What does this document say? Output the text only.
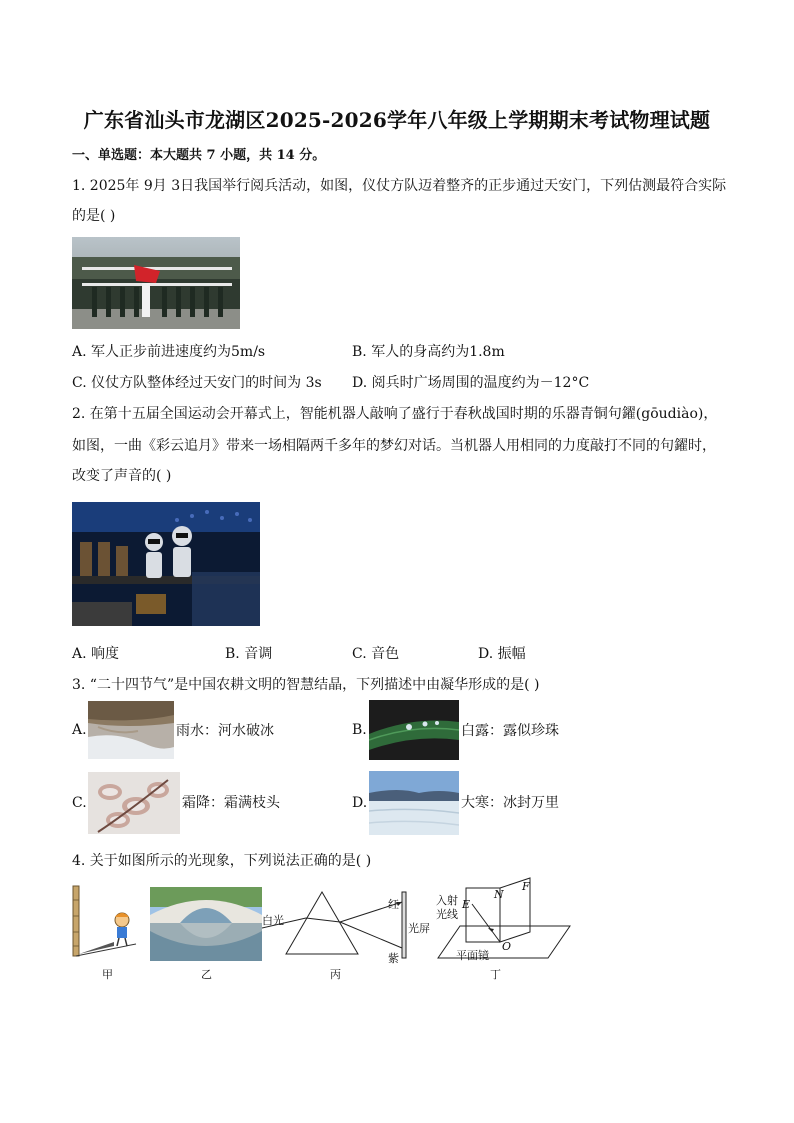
广东省汕头市龙湖区2025-2026学年八年级上学期期末考试物理试题
一、单选题：本大题共 7 小题，共 14 分。
1. 2025年 9月 3日我国举行阅兵活动，如图，仪仗方队迈着整齐的正步通过天安门，下列估测最符合实际
的是( )
A. 军人正步前进速度约为5m/s	B. 军人的身高约为1.8m
C. 仪仗方队整体经过天安门的时间为 3s D. 阅兵时广场周围的温度约为－12°C
2. 在第十五届全国运动会开幕式上，智能机器人敲响了盛行于春秋战国时期的乐器青铜句鑃(gōudiào)，
如图，一曲《彩云追月》带来一场相隔两千多年的梦幻对话。当机器人用相同的力度敲打不同的句鑃时，
改变了声音的( )
A. 响度	B. 音调	C. 音色	D. 振幅
3. “二十四节气”是中国农耕文明的智慧结晶，下列描述中由凝华形成的是( )
A.	雨水：河水破冰	B.	白露：露似珍珠
C.	霜降：霜满枝头	D.	大寒：冰封万里
4. 关于如图所示的光现象，下列说法正确的是( )
甲	乙
白光
红
紫
光屏
丙
入射
光线
E
N
F
O
平面镜
丁
